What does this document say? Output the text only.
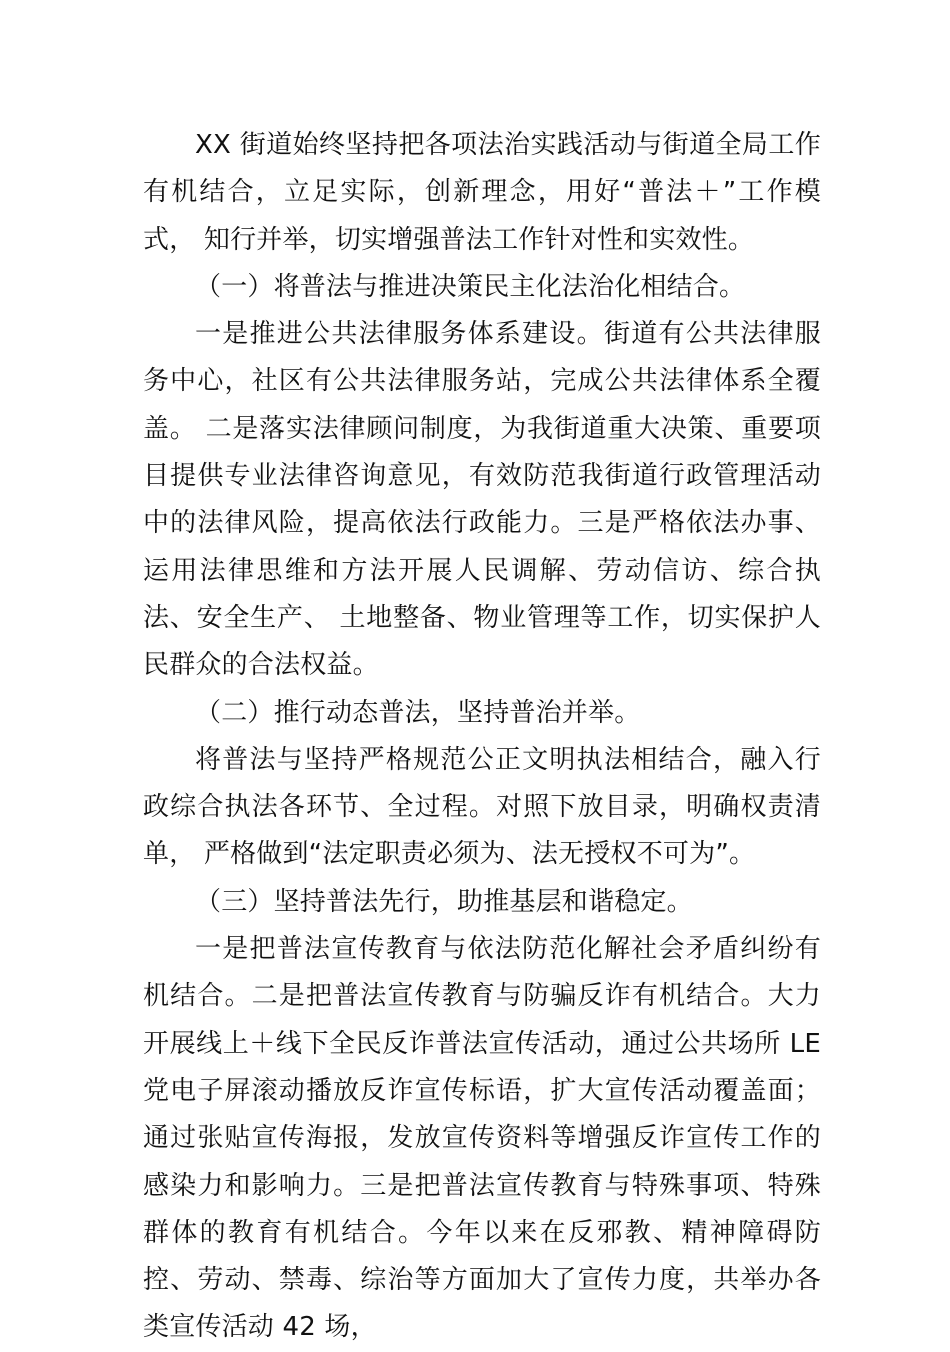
XX 街道始终坚持把各项法治实践活动与街道全局工作有机结合，立足实际，创新理念，用好“普法＋”工作模式， 知行并举，切实增强普法工作针对性和实效性。

（一）将普法与推进决策民主化法治化相结合。

一是推进公共法律服务体系建设。街道有公共法律服务中心，社区有公共法律服务站，完成公共法律体系全覆盖。 二是落实法律顾问制度，为我街道重大决策、重要项目提供专业法律咨询意见，有效防范我街道行政管理活动中的法律风险，提高依法行政能力。三是严格依法办事、运用法律思维和方法开展人民调解、劳动信访、综合执法、安全生产、 土地整备、物业管理等工作，切实保护人民群众的合法权益。

（二）推行动态普法，坚持普治并举。

将普法与坚持严格规范公正文明执法相结合，融入行政综合执法各环节、全过程。对照下放目录，明确权责清单， 严格做到“法定职责必须为、法无授权不可为”。

（三）坚持普法先行，助推基层和谐稳定。

一是把普法宣传教育与依法防范化解社会矛盾纠纷有机结合。二是把普法宣传教育与防骗反诈有机结合。大力开展线上＋线下全民反诈普法宣传活动，通过公共场所 LE 党电子屏滚动播放反诈宣传标语，扩大宣传活动覆盖面；通过张贴宣传海报，发放宣传资料等增强反诈宣传工作的感染力和影响力。三是把普法宣传教育与特殊事项、特殊群体的教育有机结合。今年以来在反邪教、精神障碍防控、劳动、禁毒、综治等方面加大了宣传力度，共举办各类宣传活动 42 场，
